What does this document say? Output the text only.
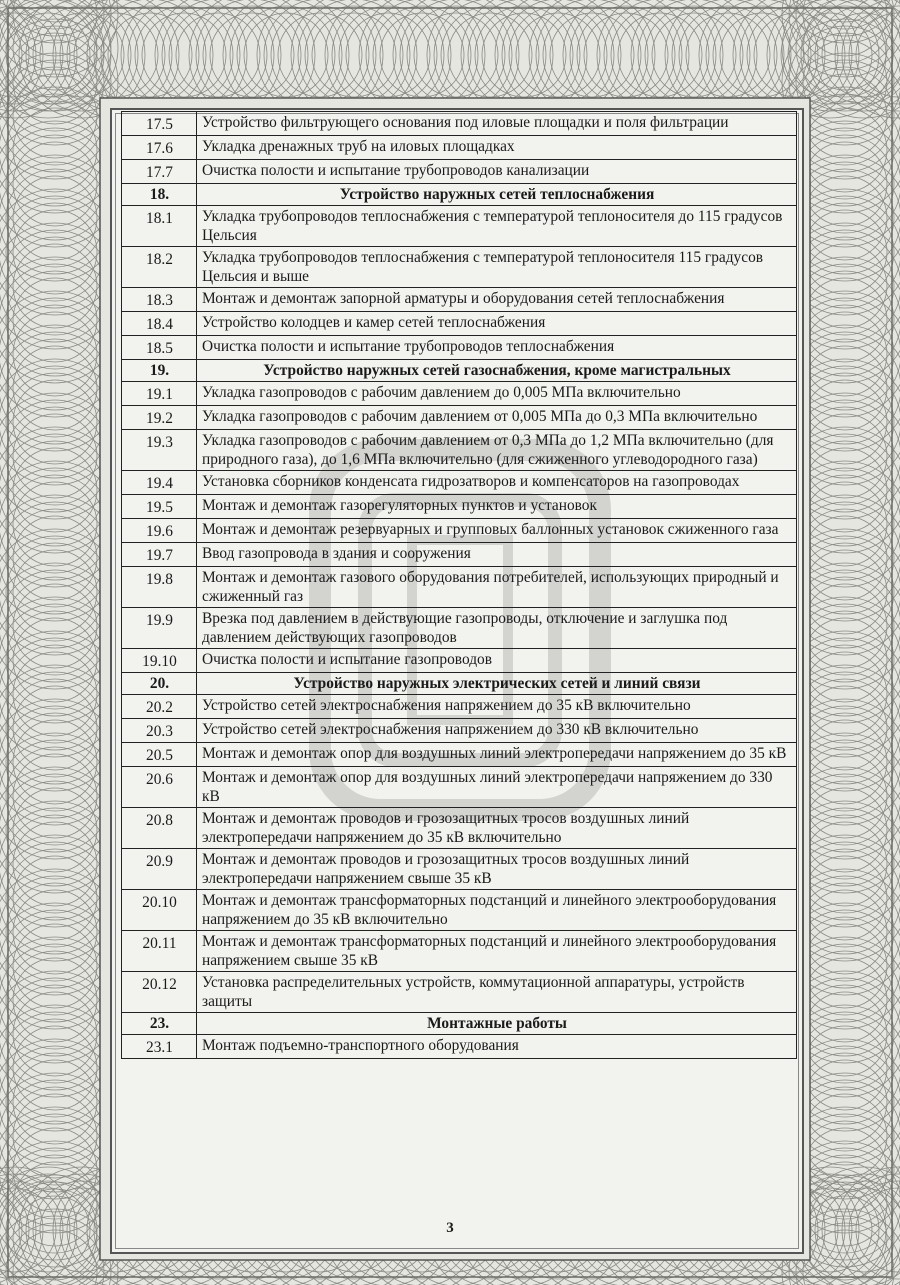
17.5	Устройство фильтрующего основания под иловые площадки и поля фильтрации
17.6	Укладка дренажных труб на иловых площадках
17.7	Очистка полости и испытание трубопроводов канализации
18.	Устройство наружных сетей теплоснабжения
18.1	Укладка трубопроводов теплоснабжения с температурой теплоносителя до 115 градусов Цельсия
18.2	Укладка трубопроводов теплоснабжения с температурой теплоносителя 115 градусов Цельсия и выше
18.3	Монтаж и демонтаж запорной арматуры и оборудования сетей теплоснабжения
18.4	Устройство колодцев и камер сетей теплоснабжения
18.5	Очистка полости и испытание трубопроводов теплоснабжения
19.	Устройство наружных сетей газоснабжения, кроме магистральных
19.1	Укладка газопроводов с рабочим давлением до 0,005 МПа включительно
19.2	Укладка газопроводов с рабочим давлением от 0,005 МПа до 0,3 МПа включительно
19.3	Укладка газопроводов с рабочим давлением от 0,3 МПа до 1,2 МПа включительно (для природного газа), до 1,6 МПа включительно (для сжиженного углеводородного газа)
19.4	Установка сборников конденсата гидрозатворов и компенсаторов на газопроводах
19.5	Монтаж и демонтаж газорегуляторных пунктов и установок
19.6	Монтаж и демонтаж резервуарных и групповых баллонных установок сжиженного газа
19.7	Ввод газопровода в здания и сооружения
19.8	Монтаж и демонтаж газового оборудования потребителей, использующих природный и сжиженный газ
19.9	Врезка под давлением в действующие газопроводы, отключение и заглушка под давлением действующих газопроводов
19.10	Очистка полости и испытание газопроводов
20.	Устройство наружных электрических сетей и линий связи
20.2	Устройство сетей электроснабжения напряжением до 35 кВ включительно
20.3	Устройство сетей электроснабжения напряжением до 330 кВ включительно
20.5	Монтаж и демонтаж опор для воздушных линий электропередачи напряжением до 35 кВ
20.6	Монтаж и демонтаж опор для воздушных линий электропередачи напряжением до 330 кВ
20.8	Монтаж и демонтаж проводов и грозозащитных тросов воздушных линий электропередачи напряжением до 35 кВ включительно
20.9	Монтаж и демонтаж проводов и грозозащитных тросов воздушных линий электропередачи напряжением свыше 35 кВ
20.10	Монтаж и демонтаж трансформаторных подстанций и линейного электрооборудования напряжением до 35 кВ включительно
20.11	Монтаж и демонтаж трансформаторных подстанций и линейного электрооборудования напряжением свыше 35 кВ
20.12	Установка распределительных устройств, коммутационной аппаратуры, устройств защиты
23.	Монтажные работы
23.1	Монтаж подъемно-транспортного оборудования
3
